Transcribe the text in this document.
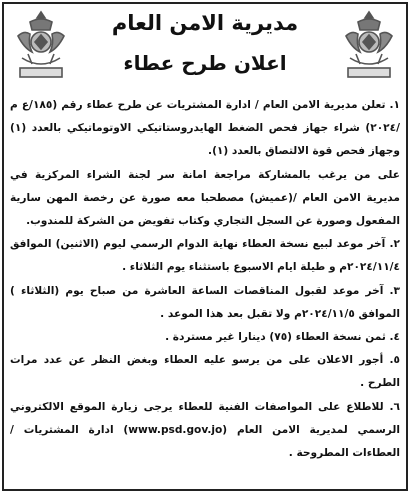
مديرية الامن العام
اعلان طرح عطاء

١. تعلن مديرية الامن العام / ادارة المشتريات عن طرح عطاء رقم (١٨٥/ع م /٢٠٢٤) شراء جهاز فحص الضغط الهايدروستاتيكي الاوتوماتيكي بالعدد (١) وجهاز فحص قوة الالتصاق بالعدد (١).

على من يرغب بالمشاركة مراجعة امانة سر لجنة الشراء المركزية في مديرية الامن العام /(عميش) مصطحبا معه صورة عن رخصة المهن سارية المفعول وصورة عن السجل التجاري وكتاب تفويض من الشركة للمندوب.

٢. آخر موعد لبيع نسخة العطاء نهاية الدوام الرسمي ليوم (الاثنين) الموافق ٢٠٢٤/١١/٤م و طيلة ايام الاسبوع باستثناء يوم الثلاثاء .

٣. آخر موعد لقبول المناقصات الساعة العاشرة من صباح يوم (الثلاثاء ) الموافق ٢٠٢٤/١١/٥م ولا تقبل بعد هذا الموعد .

٤. ثمن نسخة العطاء (٧٥) دينارا غير مستردة .

٥. أجور الاعلان على من يرسو عليه العطاء وبغض النظر عن عدد مرات الطرح .

٦. للاطلاع على المواصفات الفنية للعطاء يرجى زيارة الموقع الالكتروني الرسمي لمديرية الامن العام (www.psd.gov.jo) ادارة المشتريات /العطاءات المطروحة .
